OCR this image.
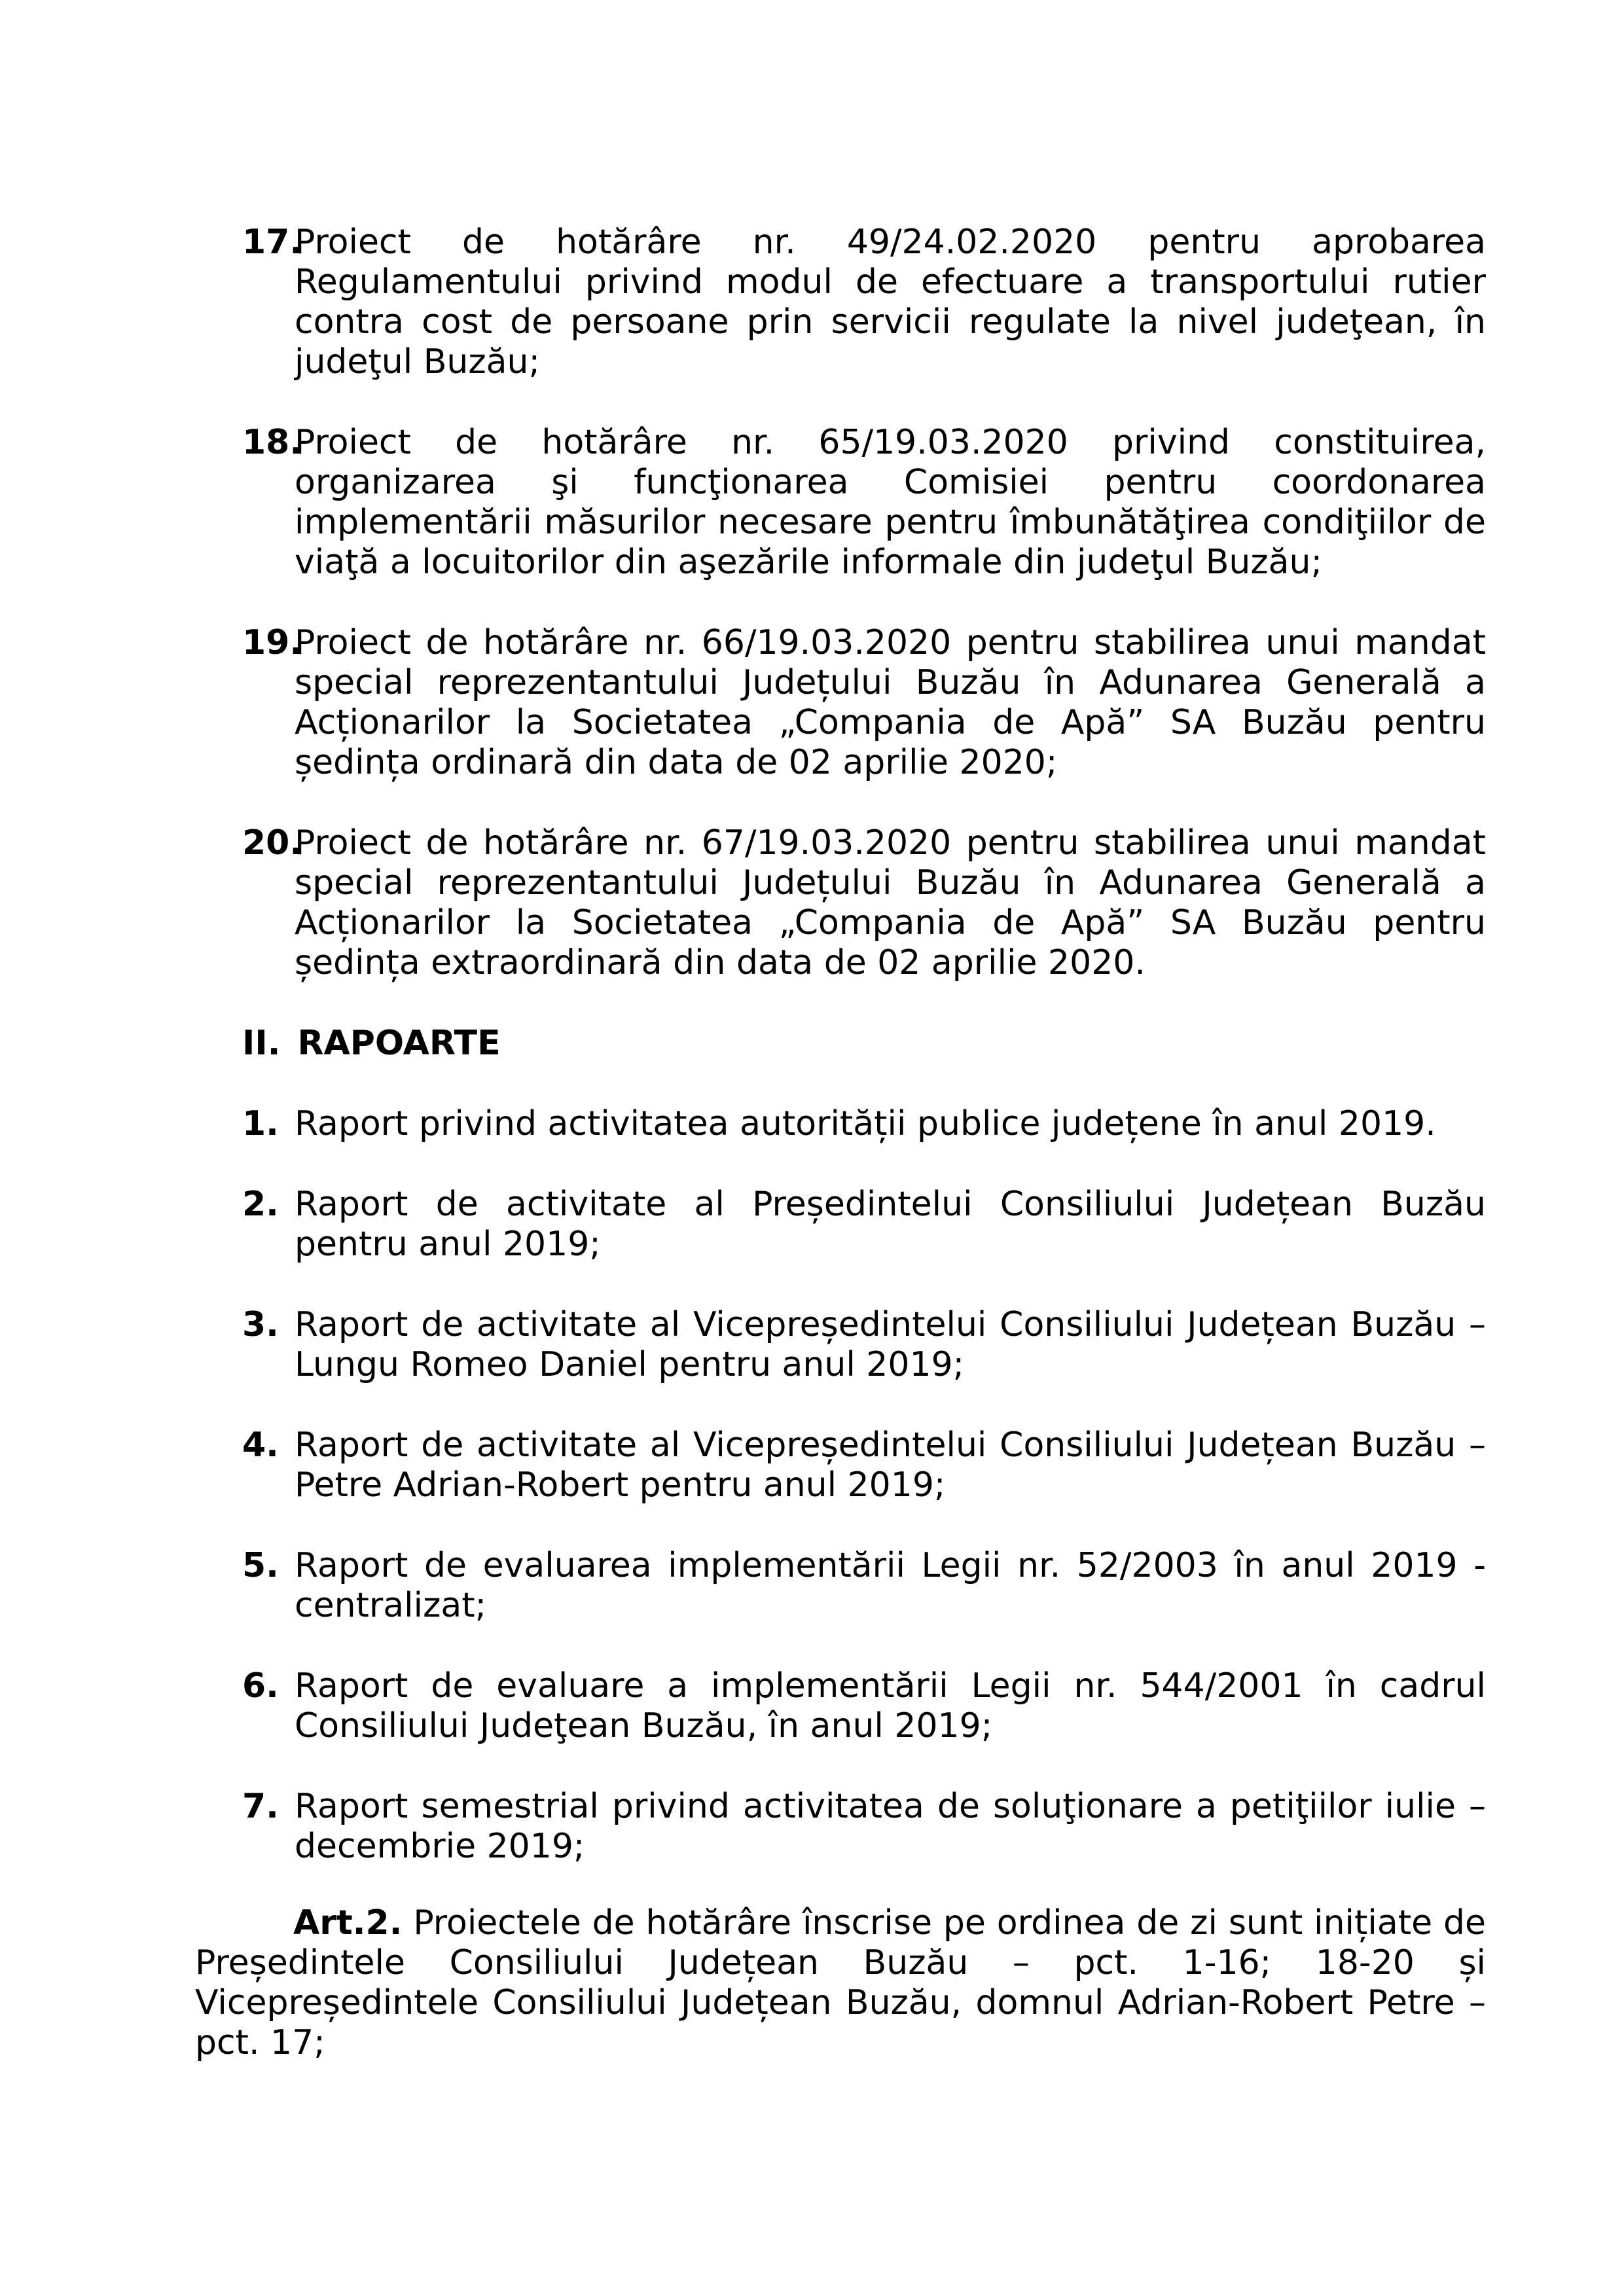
17.
Proiect de hotărâre nr. 49/24.02.2020 pentru aprobarea Regulamentului privind modul de efectuare a transportului rutier contra cost de persoane prin servicii regulate la nivel judeţean, în judeţul Buzău;
18.
Proiect de hotărâre nr. 65/19.03.2020 privind constituirea, organizarea şi funcţionarea Comisiei pentru coordonarea implementării măsurilor necesare pentru îmbunătăţirea condiţiilor de viaţă a locuitorilor din aşezările informale din judeţul Buzău;
19.
Proiect de hotărâre nr. 66/19.03.2020 pentru stabilirea unui mandat special reprezentantului Județului Buzău în Adunarea Generală a Acționarilor la Societatea „Compania de Apă” SA Buzău pentru ședința ordinară din data de 02 aprilie 2020;
20.
Proiect de hotărâre nr. 67/19.03.2020 pentru stabilirea unui mandat special reprezentantului Județului Buzău în Adunarea Generală a Acționarilor la Societatea „Compania de Apă” SA Buzău pentru ședința extraordinară din data de 02 aprilie 2020.
II. RAPOARTE
1. Raport privind activitatea autorității publice județene în anul 2019.
2. Raport de activitate al Președintelui Consiliului Județean Buzău pentru anul 2019;
3. Raport de activitate al Vicepreședintelui Consiliului Județean Buzău – Lungu Romeo Daniel pentru anul 2019;
4. Raport de activitate al Vicepreședintelui Consiliului Județean Buzău – Petre Adrian-Robert pentru anul 2019;
5. Raport de evaluarea implementării Legii nr. 52/2003 în anul 2019 - centralizat;
6. Raport de evaluare a implementării Legii nr. 544/2001 în cadrul Consiliului Judeţean Buzău, în anul 2019;
7. Raport semestrial privind activitatea de soluţionare a petiţiilor iulie – decembrie 2019;
Art.2. Proiectele de hotărâre înscrise pe ordinea de zi sunt inițiate de Președintele Consiliului Județean Buzău – pct. 1-16; 18-20 și Vicepreședintele Consiliului Județean Buzău, domnul Adrian-Robert Petre – pct. 17;
